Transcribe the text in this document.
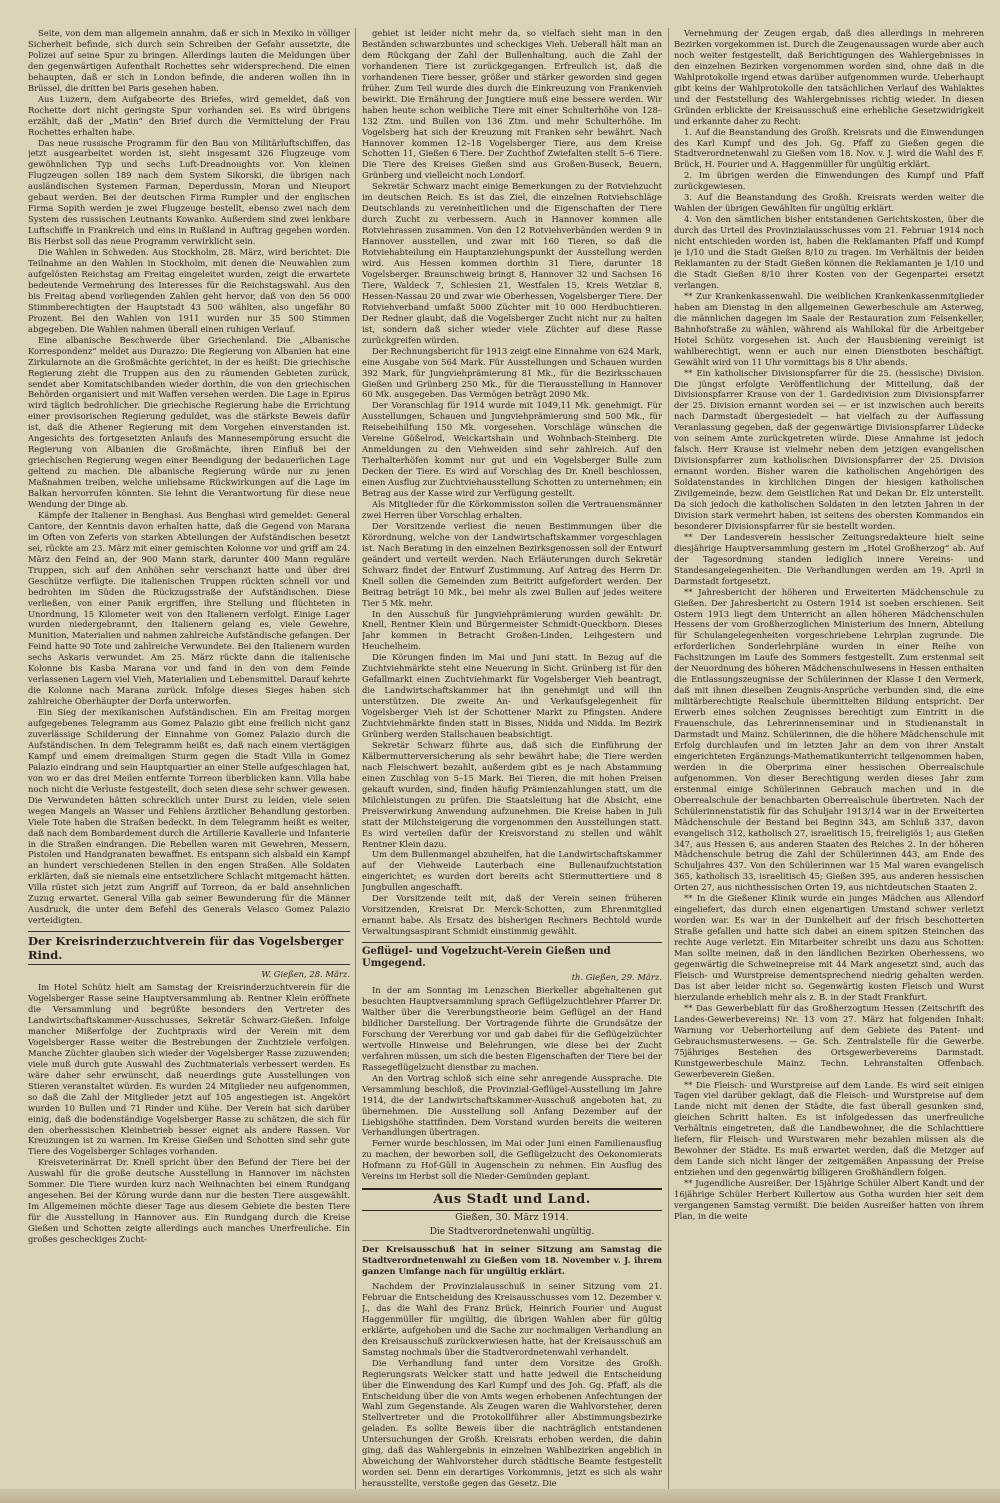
Seite, von dem man allgemein annahm, daß er sich in Mexiko in völliger Sicherheit befinde, sich durch sein Schreiben der Gefahr aussetzte, die Polizei auf seine Spur zu bringen. Allerdings lauten die Meldungen über den gegenwärtigen Aufenthalt Rochettes sehr widersprechend. Die einen behaupten, daß er sich in London befinde, die anderen wollen ihn in Brüssel, die dritten bei Paris gesehen haben.

Aus Luzern, dem Aufgabeorte des Briefes, wird gemeldet, daß von Rochette dort nicht geringste Spur vorhanden sei. Es wird übrigens erzählt, daß der „Matin“ den Brief durch die Vermittelung der Frau Rochettes erhalten habe.

Das neue russische Programm für den Bau von Militärluftschiffen, das jetzt ausgearbeitet worden ist, sieht insgesamt 326 Flugzeuge vom gewöhnlichen Typ und sechs Luft-Dreadnoughts vor. Von kleinen Flugzeugen sollen 189 nach dem System Sikorski, die übrigen nach ausländischen Systemen Farman, Deperdussin, Moran und Nieuport gebaut werden. Bei der deutschen Firma Rumpler und der englischen Firma Sopith werden je zwei Flugzeuge bestellt, ebenso zwei nach dem System des russischen Leutnants Kowanko. Außerdem sind zwei lenkbare Luftschiffe in Frankreich und eins in Rußland in Auftrag gegeben worden. Bis Herbst soll das neue Programm verwirklicht sein.

Die Wahlen in Schweden. Aus Stockholm, 28. März, wird berichtet: Die Teilnahme an den Wahlen in Stockholm, mit denen die Neuwahlen zum aufgelösten Reichstag am Freitag eingeleitet wurden, zeigt die erwartete bedeutende Vermehrung des Interesses für die Reichstagswahl. Aus den bis Freitag abend vorliegenden Zahlen geht hervor, daß von den 56 000 Stimmberechtigten der Hauptstadt 43 500 wählten, also ungefähr 80 Prozent. Bei den Wahlen von 1911 wurden nur 35 500 Stimmen abgegeben. Die Wahlen nahmen überall einen ruhigen Verlauf.

Eine albanische Beschwerde über Griechenland. Die „Albanische Korrespondenz“ meldet aus Durazzo: Die Regierung von Albanien hat eine Zirkularnote an die Großmächte gerichtet, in der es heißt: Die griechische Regierung zieht die Truppen aus den zu räumenden Gebieten zurück, sendet aber Komitatschibanden wieder dorthin, die von den griechischen Behörden organisiert und mit Waffen versehen werden. Die Lage in Epirus wird täglich bedrohlicher. Die griechische Regierung habe die Errichtung einer provisorischen Regierung geduldet, was die stärkste Beweis dafür ist, daß die Athener Regierung mit dem Vorgehen einverstanden ist. Angesichts des fortgesetzten Anlaufs des Mannesempörung ersucht die Regierung von Albanien die Großmächte, ihren Einfluß bei der griechischen Regierung wegen einer Beendigung der bedauerlichen Lage geltend zu machen. Die albanische Regierung würde nur zu jenen Maßnahmen treiben, welche unliebsame Rückwirkungen auf die Lage im Balkan hervorrufen könnten. Sie lehnt die Verantwortung für diese neue Wendung der Dinge ab.

Kämpfe der Italiener in Benghasi. Aus Benghasi wird gemeldet: General Cantore, der Kenntnis davon erhalten hatte, daß die Gegend von Marana im Often von Zeferis von starken Abteilungen der Aufständischen besetzt sei, rückte am 23. März mit einer gemischten Kolonne vor und griff am 24. März den Feind an, der 900 Mann stark, darunter 400 Mann reguläre Truppen, sich auf den Anhöhen sehr verschanzt hatte und über drei Geschütze verfügte. Die italienischen Truppen rückten schnell vor und bedrohten im Süden die Rückzugsstraße der Aufständischen. Diese verließen, von einer Panik ergriffen, ihre Stellung und flüchteten in Unordnung, 15 Kilometer weit von den Italienern verfolgt. Einige Lager wurden niedergebrannt, den Italienern gelang es, viele Gewehre, Munition, Materialien und nahmen zahlreiche Aufständische gefangen. Der Feind hatte 90 Tote und zahlreiche Verwundete. Bei den Italienern wurden sechs Askaris verwundet. Am 25. März rückte dann die italienische Kolonne bis Kasba Marana vor und fand in den von dem Feinde verlassenen Lagern viel Vieh, Materialien und Lebensmittel. Darauf kehrte die Kolonne nach Marana zurück. Infolge dieses Sieges haben sich zahlreiche Oberhäupter der Dorfa unterworfen.

Ein Sieg der mexikanischen Aufständischen. Ein am Freitag morgen aufgegebenes Telegramm aus Gomez Palazio gibt eine freilich nicht ganz zuverlässige Schilderung der Einnahme von Gomez Palazio durch die Aufständischen. In dem Telegramm heißt es, daß nach einem viertägigen Kampf und einem dreimaligen Sturm gegen die Stadt Villa in Gomez Palazio eindrang und sein Hauptquartier an einer Stelle aufgeschlagen hat, von wo er das drei Meilen entfernte Torreon überblicken kann. Villa habe noch nicht die Verluste festgestellt, doch seien diese sehr schwer gewesen. Die Verwundeten hätten schrecklich unter Durst zu leiden, viele seien wegen Mangels an Wasser und Fehlens ärztlicher Behandlung gestorben. Viele Tote haben die Straßen bedeckt. In dem Telegramm heißt es weiter, daß nach dem Bombardement durch die Artillerie Kavallerie und Infanterie in die Straßen eindrangen. Die Rebellen waren mit Gewehren, Messern, Pistolen und Handgranaten bewaffnet. Es entspann sich alsbald ein Kampf an hundert verschiedenen Stellen in den engen Straßen. Alle Soldaten erklärten, daß sie niemals eine entsetzlichere Schlacht mitgemacht hätten. Villa rüstet sich jetzt zum Angriff auf Torreon, da er bald ansehnlichen Zuzug erwartet. General Villa gab seiner Bewunderung für die Männer Ausdruck, die unter dem Befehl des Generals Velasco Gomez Palazio verteidigten.

Der Kreisrinderzuchtverein für das Vogelsberger Rind.
W. Gießen, 28. März.

Im Hotel Schütz hielt am Samstag der Kreisrinderzuchtverein für die Vogelsberger Rasse seine Hauptversammlung ab. Rentner Klein eröffnete die Versammlung und begrüßte besonders den Vertreter des Landwirtschaftskammer-Ausschusses, Sekretär Schwarz-Gießen. Infolge mancher Mißerfolge der Zuchtpraxis wird der Verein mit dem Vogelsberger Rasse weiter die Bestrebungen der Zuchtziele verfolgen. Manche Züchter glauben sich wieder der Vogelsberger Rasse zuzuwenden; viele muß durch gute Auswahl des Zuchtmaterials verbessert werden. Es wäre daher sehr erwünscht, daß neuerdings gute Ausstellungen von Stieren veranstaltet würden. Es wurden 24 Mitglieder neu aufgenommen, so daß die Zahl der Mitglieder jetzt auf 105 angestiegen ist. Angekört wurden 10 Bullen und 71 Rinder und Kühe. Der Verein hat sich darüber einig, daß die bodenständige Vogelsberger Rasse zu schätzen, die sich für den oberhessischen Kleinbetrieb besser eignet als andere Rassen. Vor Kreuzungen ist zu warnen. Im Kreise Gießen und Schotten sind sehr gute Tiere des Vogelsberger Schlages vorhanden.

Kreisveterinärrat Dr. Knell spricht über den Befund der Tiere bei der Auswahl für die große deutsche Ausstellung in Hannover im nächsten Sommer. Die Tiere wurden kurz nach Weihnachten bei einem Rundgang angesehen. Bei der Körung wurde dann nur die besten Tiere ausgewählt. Im Allgemeinen möchte dieser Tage aus diesem Gebiete die besten Tiere für die Ausstellung in Hannover aus. Ein Rundgang durch die Kreise Gießen und Schotten zeigte allerdings auch manches Unerfreuliche. Ein großes gescheckiges Zucht-

gebiet ist leider nicht mehr da, so vielfach sieht man in den Beständen schwarzbuntes und scheckiges Vieh. Ueberall hält man an dem Rückgang der Zahl der Bullenhaltung, auch die Zahl der vorhandenen Tiere ist zurückgegangen. Erfreulich ist, daß die vorhandenen Tiere besser, größer und stärker geworden sind gegen früher. Zum Teil wurde dies durch die Einkreuzung von Frankenvieh bewirkt. Die Ernährung der Jungtiere muß eine bessere werden. Wir haben heute schon weibliche Tiere mit einer Schulterhöhe von 128–132 Ztm. und Bullen von 136 Ztm. und mehr Schulterhöhe. Im Vogelsberg hat sich der Kreuzung mit Franken sehr bewährt. Nach Hannover kommen 12–18 Vogelsberger Tiere, aus dem Kreise Schotten 11, Gießen 6 Tiere. Der Zuchthof Zwiefalten stellt 5–6 Tiere. Die Tiere des Kreises Gießen sind aus Großen-Buseck, Beuern, Grünberg und vielleicht noch Londorf.

Sekretär Schwarz macht einige Bemerkungen zu der Rotviehzucht im deutschen Reich. Es ist das Ziel, die einzelnen Rotviehschläge Deutschlands zu vereinheitlichen und die Eigenschaften der Tiere durch Zucht zu verbessern. Auch in Hannover kommen alle Rotviehrassen zusammen. Von den 12 Rotviehverbänden werden 9 in Hannover ausstellen, und zwar mit 160 Tieren, so daß die Rotviehabteilung ein Hauptanziehungspunkt der Ausstellung werden wird. Aus Hessen kommen dorthin 31 Tiere, darunter 18 Vogelsberger. Braunschweig bringt 8, Hannover 32 und Sachsen 16 Tiere, Waldeck 7, Schlesien 21, Westfalen 15, Kreis Wetzlar 8, Hessen-Nassau 20 und zwar wie Oberhessen, Vogelsberger Tiere. Der Rotviehverband umfaßt 5000 Züchter mit 10 000 Herdbuchtieren. Der Redner glaubt, daß die Vogelsberger Zucht nicht nur zu halten ist, sondern daß sicher wieder viele Züchter auf diese Rasse zurückgreifen würden.

Der Rechnungsbericht für 1913 zeigt eine Einnahme von 624 Mark, eine Ausgabe von 564 Mark. Für Ausstellungen und Schauen wurden 392 Mark, für Jungviehprämierung 81 Mk., für die Bezirksschauen Gießen und Grünberg 250 Mk., für die Tierausstellung in Hannover 60 Mk. ausgegeben. Das Vermögen beträgt 2090 Mk.

Der Voranschlag für 1914 wurde mit 1049,11 Mk. genehmigt. Für Ausstellungen, Schauen und Jungviehprämierung sind 500 Mk., für Reisebeihilfung 150 Mk. vorgesehen. Vorschläge wünschen die Vereine Gößelrod, Weickartshain und Wohnbach-Steinberg. Die Anmeldungen zu den Viehweiden sind sehr zahlreich. Auf den Tierhalterhöfen kommt nur gut und ein Vogelsberger Bulle zum Decken der Tiere. Es wird auf Vorschlag des Dr. Knell beschlossen, einen Ausflug zur Zuchtviehausstellung Schotten zu unternehmen; ein Betrag aus der Kasse wird zur Verfügung gestellt.

Als Mitglieder für die Körkommission sollen die Vertrauensmänner zwei Herren über Vorschlag erhalten.

Der Vorsitzende verliest die neuen Bestimmungen über die Körordnung, welche von der Landwirtschaftskammer vorgeschlagen ist. Nach Beratung in den einzelnen Bezirksgenossen soll der Entwurf geändert und verteilt werden. Nach Erläuterungen durch Sekretär Schwarz findet der Entwurf Zustimmung. Auf Antrag des Herrn Dr. Knell sollen die Gemeinden zum Beitritt aufgefordert werden. Der Beitrag beträgt 10 Mk., bei mehr als zwei Bullen auf jedes weitere Tier 5 Mk. mehr.

In den Ausschuß für Jungviehprämierung wurden gewählt: Dr. Knell, Rentner Klein und Bürgermeister Schmidt-Queckborn. Dieses Jahr kommen in Betracht Großen-Linden, Leihgestern und Heuchelheim.

Die Körungen finden im Mai und Juni statt. In Bezug auf die Zuchtviehmärkte steht eine Neuerung in Sicht. Grünberg ist für den Gefallmarkt einen Zuchtviehmarkt für Vogelsberger Vieh beantragt, die Landwirtschaftskammer hat ihn genehmigt und will ihn unterstützen. Die zweite An- und Verkaufsgelegenheit für Vogelsberger Vieh ist der Schottener Markt zu Pfingsten. Andere Zuchtviehmärkte finden statt in Bisses, Nidda und Nidda. Im Bezirk Grünberg werden Stallschauen beabsichtigt.

Sekretär Schwarz führte aus, daß sich die Einführung der Kälbermutterversicherung als sehr bewährt habe; die Tiere werden nach Fleischwert bezahlt, außerdem gibt es je nach Abstammung einen Zuschlag von 5–15 Mark. Bei Tieren, die mit hohen Preisen gekauft wurden, sind, finden häufig Prämienzahlungen statt, um die Milchleistungen zu prüfen. Die Staatsleitung hat die Absicht, eine Preisverwirkung Anwendung aufzunehmen. Die Kreise haben in Juli statt der Milchsteigerung die vorgenommen den Ausstellungen statt. Es wird verteilen dafür der Kreisvorstand zu stellen und wählt Rentner Klein dazu.

Um dem Bullenmangel abzuhelfen, hat die Landwirtschaftskammer auf der Viehweide Lauterbach eine Bullenaufzuchtstation eingerichtet; es wurden dort bereits acht Stiermuttertiere und 8 Jungbullen angeschafft.

Der Vorsitzende teilt mit, daß der Verein seinen früheren Vorsitzenden, Kreisrat Dr. Merck-Schotten, zum Ehrenmitglied ernannt habe. Als Ersatz des bisherigen Rechners Bechtold wurde Verwaltungsaspirant Schmidt einstimmig gewählt.

Geflügel- und Vogelzucht-Verein Gießen und Umgegend.
th. Gießen, 29. März.

In der am Sonntag im Lenzschen Bierkeller abgehaltenen gut besuchten Hauptversammlung sprach Geflügelzuchtlehrer Pfarrer Dr. Walther über die Vererbungstheorie beim Geflügel an der Hand bildlicher Darstellung. Der Vortragende führte die Grundsätze der Forschung der Vererbung vor und gab dabei für die Geflügelzüchter wertvolle Hinweise und Belehrungen, wie diese bei der Zucht verfahren müssen, um sich die besten Eigenschaften der Tiere bei der Rassegeflügelzucht dienstbar zu machen.

An den Vortrag schloß sich eine sehr anregende Aussprache. Die Versammlung beschloß, die Provinzial-Geflügel-Ausstellung im Jahre 1914, die der Landwirtschaftskammer-Ausschuß angeboten hat, zu übernehmen. Die Ausstellung soll Anfang Dezember auf der Liebigshöhe stattfinden. Dem Vorstand wurden bereits die weiteren Verhandlungen übertragen.

Ferner wurde beschlossen, im Mai oder Juni einen Familienausflug zu machen, der beworben soll, die Geflügelzucht des Oekonomierats Hofmann zu Hof-Güll in Augenschein zu nehmen. Ein Ausflug des Vereins im Herbst soll die Nieder-Gemünden geplant.

Aus Stadt und Land.
Gießen, 30. März 1914.
Die Stadtverordnetenwahl ungültig.

Der Kreisausschuß hat in seiner Sitzung am Samstag die Stadtverordnetenwahl zu Gießen vom 18. November v. J. ihrem ganzen Umfange nach für ungültig erklärt.

Nachdem der Provinzialausschuß in seiner Sitzung vom 21. Februar die Entscheidung des Kreisausschusses vom 12. Dezember v. J., das die Wahl des Franz Brück, Heinrich Fourier und August Haggenmüller für ungültig, die übrigen Wahlen aber für gültig erklärte, aufgehoben und die Sache zur nochmaligen Verhandlung an den Kreisausschuß zurückverwiesen hatte, hat der Kreisausschuß am Samstag nochmals über die Stadtverordnetenwahl verhandelt.

Die Verhandlung fand unter dem Vorsitze des Großh. Regierungsrats Welcker statt und hatte jedweil die Entscheidung über die Einwendung des Karl Kumpf und des Joh. Gg. Pfaff, als die Entscheidung über die von Amts wegen erhobenen Anfechtungen der Wahl zum Gegenstande. Als Zeugen waren die Wahlvorsteher, deren Stellvertreter und die Protokollführer aller Abstimmungsbezirke geladen. Es sollte Beweis über die nachträglich entstandenen Untersuchungen der Großh. Kreisrats erhoben werden, die dahin ging, daß das Wahlergebnis in einzelnen Wahlbezirken angeblich in Abweichung der Wahlvorsteher durch städtische Beamte festgestellt worden sei. Denn ein derartiges Vorkommnis, jetzt es sich als wahr herausstellte, verstoße gegen das Gesetz. Die

Vernehmung der Zeugen ergab, daß dies allerdings in mehreren Bezirken vorgekommen ist. Durch die Zeugenaussagen wurde aber auch noch weiter festgestellt, daß Berichtigungen des Wahlergebnisses in den einzelnen Bezirken vorgenommen worden sind, ohne daß in die Wahlprotokolle irgend etwas darüber aufgenommen wurde. Ueberhaupt gibt keins der Wahlprotokolle den tatsächlichen Verlauf des Wahlaktes und der Feststellung des Wahlergebnisses richtig wieder. In diesen Gründen erblickte der Kreisausschuß eine erhebliche Gesetzwidrigkeit und erkannte daher zu Recht:

1. Auf die Beanstandung des Großh. Kreisrats und die Einwendungen des Karl Kumpf und des Joh. Gg. Pfaff zu Gießen gegen die Stadtverordnetenwahl zu Gießen vom 18. Nov. v. J. wird die Wahl des F. Brück, H. Fourier und A. Haggenmüller für ungültig erklärt.

2. Im übrigen werden die Einwendungen des Kumpf und Pfaff zurückgewiesen.

3. Auf die Beanstandung des Großh. Kreisrats werden weiter die Wahlen der übrigen Gewählten für ungültig erklärt.

4. Von den sämtlichen bisher entstandenen Gerichtskosten, über die durch das Urteil des Provinzialausschusses vom 21. Februar 1914 noch nicht entschieden worden ist, haben die Reklamanten Pfaff und Kumpf je 1/10 und die Stadt Gießen 8/10 zu tragen. Im Verhältnis der beiden Reklamanten zu der Stadt Gießen können die Reklamanten je 1/10 und die Stadt Gießen 8/10 ihrer Kosten von der Gegenpartei ersetzt verlangen.

** Zur Krankenkassenwahl. Die weiblichen Krankenkassenmitglieder haben am Dienstag in den allgemeinen Gewerbeschule am Asterweg, die männlichen dagegen im Saale der Restauration zum Felsenkeller, Bahnhofstraße zu wählen, während als Wahllokal für die Arbeitgeber Hotel Schütz vorgesehen ist. Auch der Hausbiening vereinigt ist wahlberechtigt, wenn er auch nur einen Dienstboten beschäftigt. Gewählt wird von 11 Uhr vormittags bis 8 Uhr abends.

** Ein katholischer Divisionspfarrer für die 25. (hessische) Division. Die jüngst erfolgte Veröffentlichung der Mitteilung, daß der Divisionspfarrer Krause von der 1. Gardedivision zum Divisionspfarrer der 25. Division ernannt worden sei — er ist inzwischen auch bereits nach Darmstadt übergesiedelt — hat vielfach zu der Auffassung Veranlassung gegeben, daß der gegenwärtige Divisionspfarrer Lüdecke von seinem Amte zurückgetreten würde. Diese Annahme ist jedoch falsch. Herr Krause ist vielmehr neben dem jetzigen evangelischen Divisionspfarrer zum katholischen Divisionspfarrer der 25. Division ernannt worden. Bisher waren die katholischen Angehörigen des Soldatenstandes in kirchlichen Dingen der hiesigen katholischen Zivilgemeinde, bezw. dem Geistlichen Rat und Dekan Dr. Elz unterstellt. Da sich jedoch die katholischen Soldaten in den letzten Jahren in der Division stark vermehrt haben, ist seitens des obersten Kommandos ein besonderer Divisionspfarrer für sie bestellt worden.

** Der Landesverein hessischer Zeitungsredakteure hielt seine diesjährige Hauptversammlung gestern im „Hotel Großherzog“ ab. Auf der Tagesordnung standen lediglich innere Vereins- und Standesangelegenheiten. Die Verhandlungen werden am 19. April in Darmstadt fortgesetzt.

** Jahresbericht der höheren und Erweiterten Mädchenschule zu Gießen. Der Jahresbericht zu Ostern 1914 ist soeben erschienen. Seit Ostern 1913 liegt dem Unterricht an allen höheren Mädchenschulen Hessens der vom Großherzoglichen Ministerium des Innern, Abteilung für Schulangelegenheiten vorgeschriebene Lehrplan zugrunde. Die erforderlichen Sonderlehrpläne wurden in einer Reihe von Fachsitzungen im Laufe des Sommers festgestellt. Zum erstenmal seit der Neuordnung des höheren Mädchenschulwesens in Hessen enthalten die Entlassungszeugnisse der Schülerinnen der Klasse I den Vermerk, daß mit ihnen dieselben Zeugnis-Ansprüche verbunden sind, die eine militärberechtigte Realschule übermittelten Bildung entspricht. Der Erwerb eines solchen Zeugnisses berechtigt zum Eintritt in die Frauenschule, das Lehrerinnenseminar und in Studienanstalt in Darmstadt und Mainz. Schülerinnen, die die höhere Mädchenschule mit Erfolg durchlaufen und im letzten Jahr an dem von ihrer Anstalt eingerichteten Ergänzungs-Mathematikunterricht teilgenommen haben, werden in die Oberprima einer hessischen Oberrealschule aufgenommen. Von dieser Berechtigung werden dieses Jahr zum erstenmal einige Schülerinnen Gebrauch machen und in die Oberrealschule der benachbarten Oberrealschule übertreten. Nach der Schülerinnenstatistik für das Schuljahr 1913/14 war in der Erweiterten Mädchenschule der Bestand bei Beginn 343, am Schluß 337, davon evangelisch 312, katholisch 27, israelitisch 15, freireligiös 1; aus Gießen 347, aus Hessen 6, aus anderen Staaten des Reiches 2. In der höheren Mädchenschule betrug die Zahl der Schülerinnen 443, am Ende des Schuljahres 437. Von den Schülerinnen war 15 Mal waren evangelisch 365, katholisch 33, israelitisch 45; Gießen 395, aus anderen hessischen Orten 27, aus nichthessischen Orten 19, aus nichtdeutschen Staaten 2.

** In die Gießener Klinik wurde ein junges Mädchen aus Allendorf eingeliefert, das durch einen eigenartigen Umstand schwer verletzt worden war. Es war in der Dunkelheit auf der frisch beschotterten Straße gefallen und hatte sich dabei an einem spitzen Steinchen das rechte Auge verletzt. Ein Mitarbeiter schreibt uns dazu aus Schotten: Man sollte meinen, daß in den ländlichen Bezirken Oberhessens, wo gegenwärtig die Schweinepreise mit 44 Mark angesetzt sind, auch das Fleisch- und Wurstpreise dementsprechend niedrig gehalten werden. Das ist aber leider nicht so. Gegenwärtig kosten Fleisch und Wurst hierzulande erheblich mehr als z. B. in der Stadt Frankfurt.

** Das Gewerbeblatt für das Großherzogtum Hessen (Zeitschrift des Landes-Gewerbevereins) Nr. 13 vom 27. März hat folgenden Inhalt: Warnung vor Ueberhorteilung auf dem Gebiete des Patent- und Gebrauchsmusterwesens. — Ge. Sch. Zentralstelle für die Gewerbe. 75jähriges Bestehen des Ortsgewerbevereins Darmstadt. Kunstgewerbeschule Mainz. Techn. Lehranstalten Offenbach. Gewerbeverein Gießen.

** Die Fleisch- und Wurstpreise auf dem Lande. Es wird seit einigen Tagen viel darüber geklagt, daß die Fleisch- und Wurstpreise auf dem Lande nicht mit denen der Städte, die fast überall gesunken sind, gleichen Schritt halten. Es ist infolgedessen das unerfreuliche Verhältnis eingetreten, daß die Landbewohner, die die Schlachttiere liefern, für Fleisch- und Wurstwaren mehr bezahlen müssen als die Bewohner der Städte. Es muß erwartet werden, daß die Metzger auf dem Lande sich nicht länger der zeitgemäßen Anpassung der Preise entziehen und den gegenwärtig billigeren Großhändlern folgen.

** Jugendliche Ausreißer. Der 15jährige Schüler Albert Kandt und der 16jährige Schüler Herbert Kullertow aus Gotha wurden hier seit dem vergangenen Samstag vermißt. Die beiden Ausreißer hatten von ihrem Plan, in die weite
